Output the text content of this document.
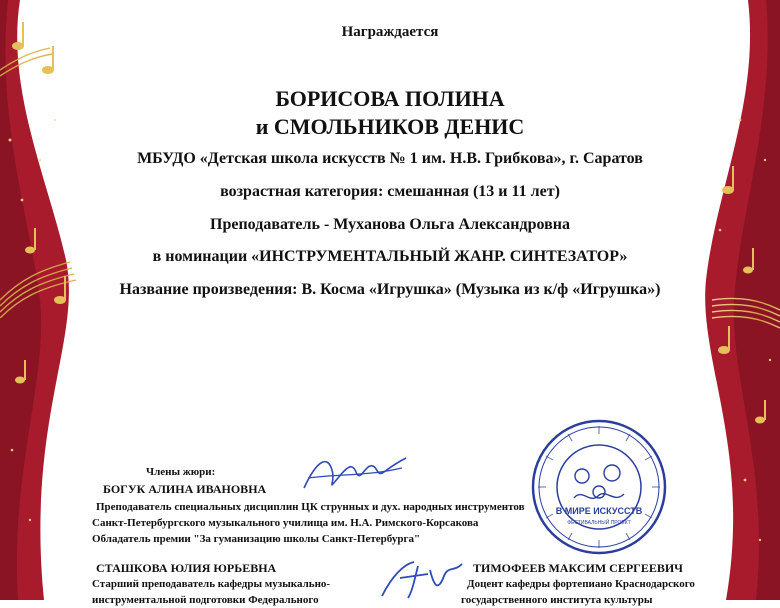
Награждается
БОРИСОВА ПОЛИНА
и СМОЛЬНИКОВ ДЕНИС
МБУДО «Детская школа искусств № 1 им. Н.В. Грибкова», г. Саратов
возрастная категория: смешанная (13 и 11 лет)
Преподаватель - Муханова Ольга Александровна
в номинации «ИНСТРУМЕНТАЛЬНЫЙ ЖАНР. СИНТЕЗАТОР»
Название произведения: В. Косма «Игрушка» (Музыка из к/ф «Игрушка»)
Члены жюри:
БОГУК АЛИНА ИВАНОВНА
Преподаватель специальных дисциплин ЦК струнных и дух. народных инструментов
Санкт-Петербургского музыкального училища им. Н.А. Римского-Корсакова
Обладатель премии "За гуманизацию школы Санкт-Петербурга"
СТАШКОВА ЮЛИЯ ЮРЬЕВНА
Старший преподаватель кафедры музыкально-
инструментальной подготовки Федерального
ТИМОФЕЕВ МАКСИМ СЕРГЕЕВИЧ
Доцент кафедры фортепиано Краснодарского
государственного института культуры
В МИРЕ ИСКУССТВ
ФЕСТИВАЛЬНЫЙ ПРОЕКТ
